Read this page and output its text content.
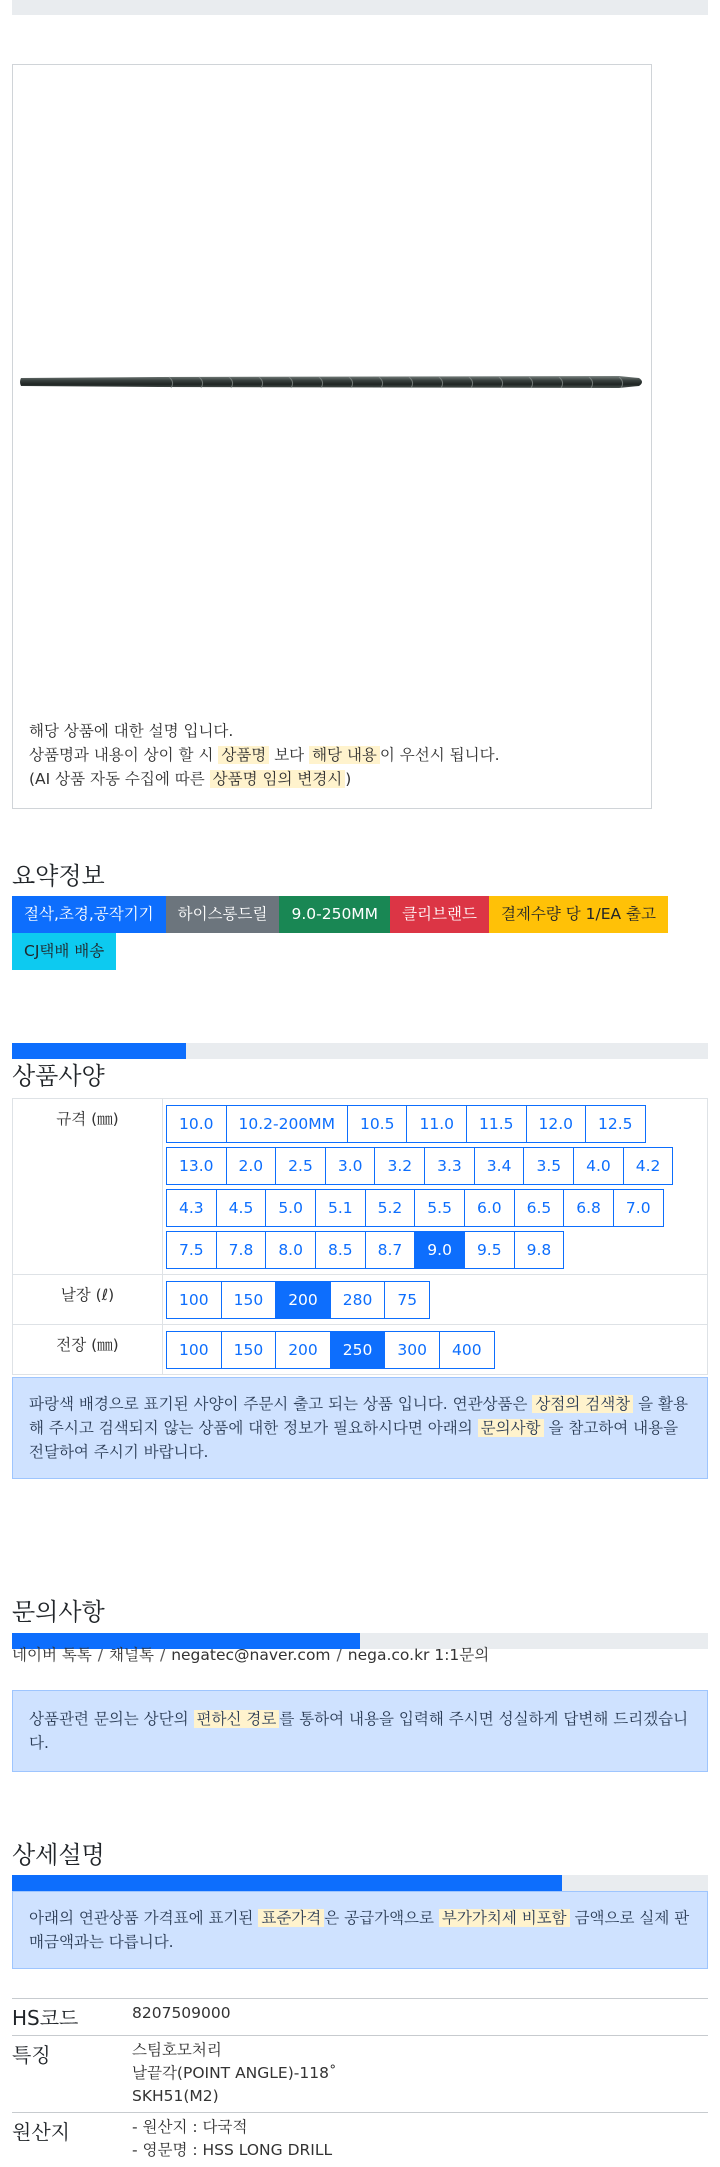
해당 상품에 대한 설명 입니다.
상품명과 내용이 상이 할 시 상품명 보다 해당 내용 이 우선시 됩니다.
(AI 상품 자동 수집에 따른 상품명 임의 변경시 )
요약정보
절삭,초경,공작기기	하이스롱드릴	9.0-250MM	클리브랜드	결제수량 당 1/EA 출고
CJ택배 배송
상품사양
규격 (㎜)	10.0	10.2-200MM	10.5	11.0	11.5	12.0	12.5
13.0	2.0	2.5	3.0	3.2	3.3	3.4	3.5	4.0	4.2
4.3	4.5	5.0	5.1	5.2	5.5	6.0	6.5	6.8	7.0
7.5	7.8	8.0	8.5	8.7	9.0	9.5	9.8
날장 (ℓ)	100	150	200	280	75
전장 (㎜)	100	150	200	250	300	400
파랑색 배경으로 표기된 사양이 주문시 출고 되는 상품 입니다. 연관상품은 상점의 검색창 을 활용해 주시고 검색되지 않는 상품에 대한 정보가 필요하시다면 아래의 문의사항 을 참고하여 내용을 전달하여 주시기 바랍니다.
문의사항
네이버 톡톡 / 채널톡 / negatec@naver.com / nega.co.kr 1:1문의
상품관련 문의는 상단의 편하신 경로 를 통하여 내용을 입력해 주시면 성실하게 답변해 드리겠습니다.
상세설명
아래의 연관상품 가격표에 표기된 표준가격 은 공급가액으로 부가가치세 비포함 금액으로 실제 판매금액과는 다릅니다.
HS코드	8207509000
특징	스팀호모처리
날끝각(POINT ANGLE)-118˚
SKH51(M2)
원산지	- 원산지 : 다국적
- 영문명 : HSS LONG DRILL
